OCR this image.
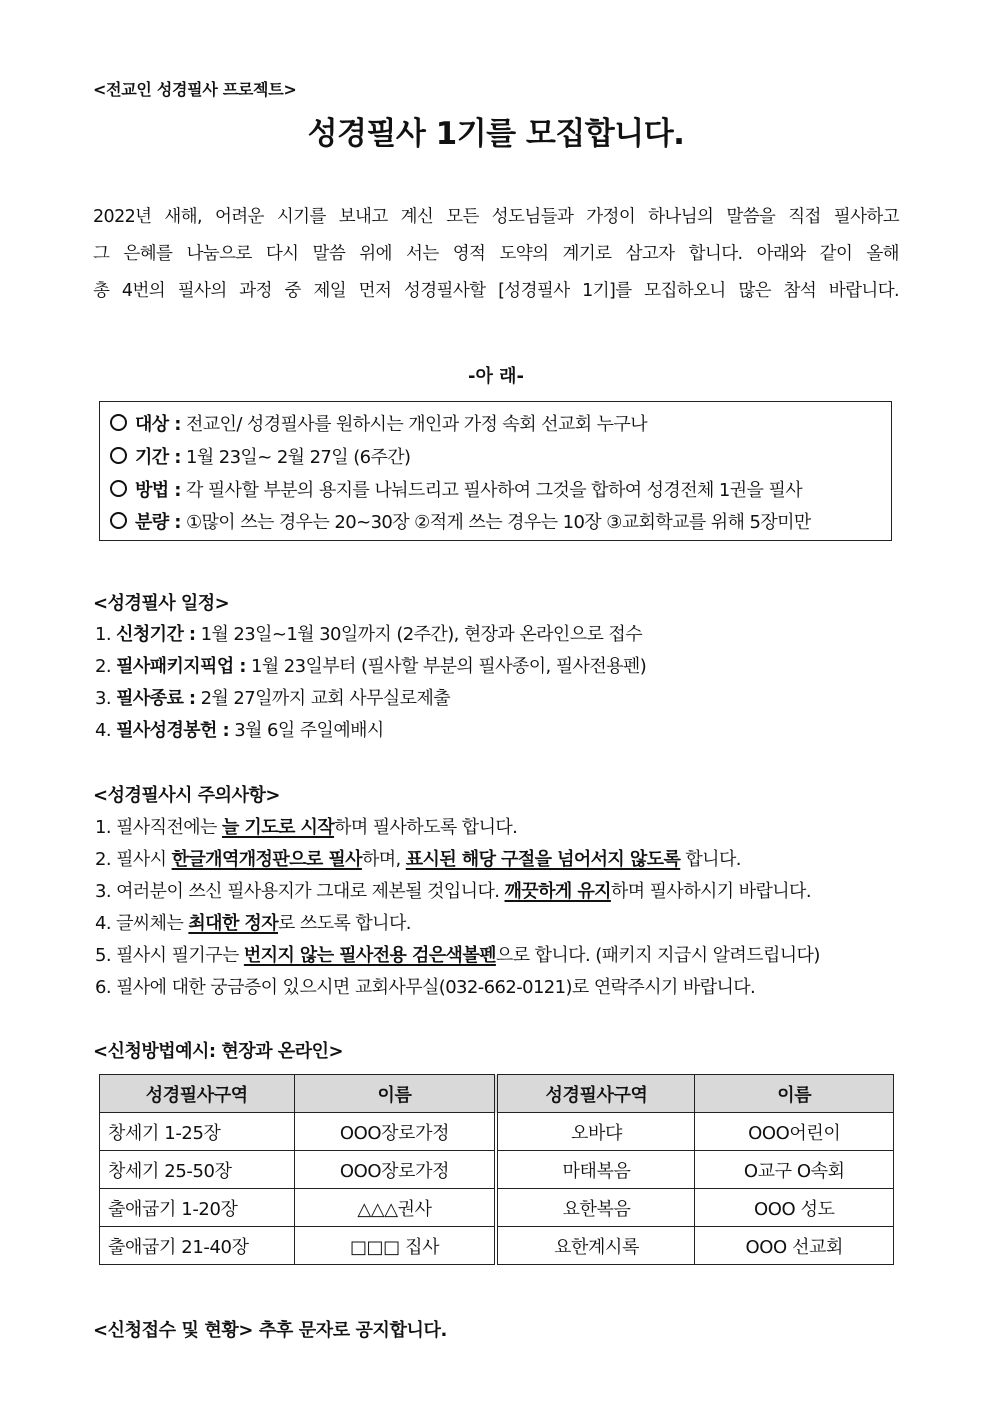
<전교인 성경필사 프로젝트>
성경필사 1기를 모집합니다.
2022년 새해, 어려운 시기를 보내고 계신 모든 성도님들과 가정이 하나님의 말씀을 직접 필사하고
그 은혜를 나눔으로 다시 말씀 위에 서는 영적 도약의 계기로 삼고자 합니다. 아래와 같이 올해
총 4번의 필사의 과정 중 제일 먼저 성경필사할 [성경필사 1기]를 모집하오니 많은 참석 바랍니다.
-아 래-
대상 : 전교인/ 성경필사를 원하시는 개인과 가정 속회 선교회 누구나
기간 : 1월 23일~ 2월 27일 (6주간)
방법 : 각 필사할 부분의 용지를 나눠드리고 필사하여 그것을 합하여 성경전체 1권을 필사
분량 : ①많이 쓰는 경우는 20~30장 ②적게 쓰는 경우는 10장 ③교회학교를 위해 5장미만
<성경필사 일정>
1. 신청기간 : 1월 23일~1월 30일까지 (2주간), 현장과 온라인으로 접수
2. 필사패키지픽업 : 1월 23일부터 (필사할 부분의 필사종이, 필사전용펜)
3. 필사종료 : 2월 27일까지 교회 사무실로제출
4. 필사성경봉헌 : 3월 6일 주일예배시
<성경필사시 주의사항>
1. 필사직전에는 늘 기도로 시작하며 필사하도록 합니다.
2. 필사시 한글개역개정판으로 필사하며, 표시된 해당 구절을 넘어서지 않도록 합니다.
3. 여러분이 쓰신 필사용지가 그대로 제본될 것입니다. 깨끗하게 유지하며 필사하시기 바랍니다.
4. 글씨체는 최대한 정자로 쓰도록 합니다.
5. 필사시 필기구는 번지지 않는 필사전용 검은색볼펜으로 합니다. (패키지 지급시 알려드립니다)
6. 필사에 대한 궁금증이 있으시면 교회사무실(032-662-0121)로 연락주시기 바랍니다.
<신청방법예시: 현장과 온라인>
성경필사구역	이름	성경필사구역	이름
창세기 1-25장	OOO장로가정	오바댜	OOO어린이
창세기 25-50장	OOO장로가정	마태복음	O교구 O속회
출애굽기 1-20장	△△△권사	요한복음	OOO 성도
출애굽기 21-40장	□□□ 집사	요한계시록	OOO 선교회
<신청접수 및 현황> 추후 문자로 공지합니다.
